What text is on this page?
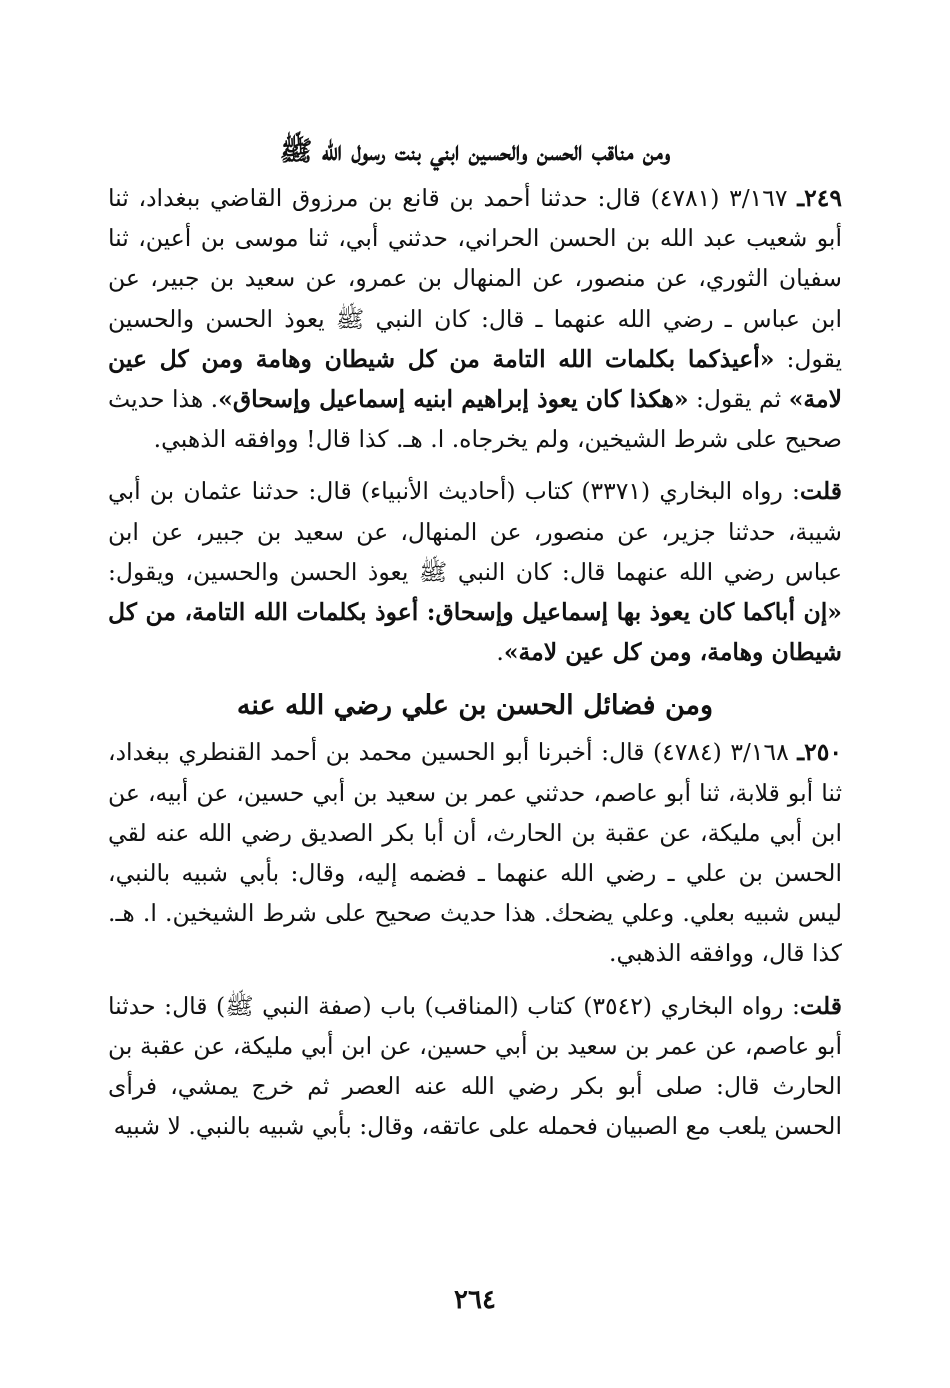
ومن مناقب الحسن والحسين ابني بنت رسول الله ﷺ

٢٤٩ـ ٣/١٦٧ (٤٧٨١) قال: حدثنا أحمد بن قانع بن مرزوق القاضي ببغداد، ثنا أبو شعيب عبد الله بن الحسن الحراني، حدثني أبي، ثنا موسى بن أعين، ثنا سفيان الثوري، عن منصور، عن المنهال بن عمرو، عن سعيد بن جبير، عن ابن عباس ـ رضي الله عنهما ـ قال: كان النبي ﷺ يعوذ الحسن والحسين يقول: «أعيذكما بكلمات الله التامة من كل شيطان وهامة ومن كل عين لامة» ثم يقول: «هكذا كان يعوذ إبراهيم ابنيه إسماعيل وإسحاق». هذا حديث صحيح على شرط الشيخين، ولم يخرجاه. ا. هـ. كذا قال! ووافقه الذهبي.

قلت: رواه البخاري (٣٣٧١) كتاب (أحاديث الأنبياء) قال: حدثنا عثمان بن أبي شيبة، حدثنا جزير، عن منصور، عن المنهال، عن سعيد بن جبير، عن ابن عباس رضي الله عنهما قال: كان النبي ﷺ يعوذ الحسن والحسين، ويقول: «إن أباكما كان يعوذ بها إسماعيل وإسحاق: أعوذ بكلمات الله التامة، من كل شيطان وهامة، ومن كل عين لامة».

ومن فضائل الحسن بن علي رضي الله عنه

٢٥٠ـ ٣/١٦٨ (٤٧٨٤) قال: أخبرنا أبو الحسين محمد بن أحمد القنطري ببغداد، ثنا أبو قلابة، ثنا أبو عاصم، حدثني عمر بن سعيد بن أبي حسين، عن أبيه، عن ابن أبي مليكة، عن عقبة بن الحارث، أن أبا بكر الصديق رضي الله عنه لقي الحسن بن علي ـ رضي الله عنهما ـ فضمه إليه، وقال: بأبي شبيه بالنبي، ليس شبيه بعلي. وعلي يضحك. هذا حديث صحيح على شرط الشيخين. ا. هـ. كذا قال، ووافقه الذهبي.

قلت: رواه البخاري (٣٥٤٢) كتاب (المناقب) باب (صفة النبي ﷺ) قال: حدثنا أبو عاصم، عن عمر بن سعيد بن أبي حسين، عن ابن أبي مليكة، عن عقبة بن الحارث قال: صلى أبو بكر رضي الله عنه العصر ثم خرج يمشي، فرأى الحسن يلعب مع الصبيان فحمله على عاتقه، وقال: بأبي شبيه بالنبي. لا شبيه

٢٦٤
